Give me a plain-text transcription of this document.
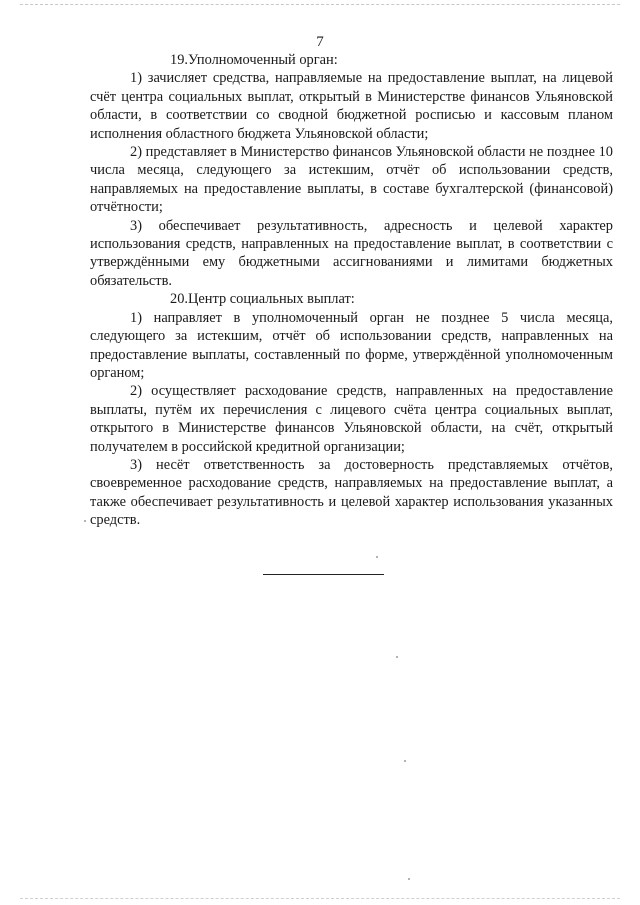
7

19.Уполномоченный орган:

1) зачисляет средства, направляемые на предоставление выплат, на лицевой счёт центра социальных выплат, открытый в Министерстве финансов Ульяновской области, в соответствии со сводной бюджетной росписью и кассовым планом исполнения областного бюджета Ульяновской области;

2) представляет в Министерство финансов Ульяновской области не позднее 10 числа месяца, следующего за истекшим, отчёт об использовании средств, направляемых на предоставление выплаты, в составе бухгалтерской (финансовой) отчётности;

3) обеспечивает результативность, адресность и целевой характер использования средств, направленных на предоставление выплат, в соответствии с утверждёнными ему бюджетными ассигнованиями и лимитами бюджетных обязательств.

20.Центр социальных выплат:

1) направляет в уполномоченный орган не позднее 5 числа месяца, следующего за истекшим, отчёт об использовании средств, направленных на предоставление выплаты, составленный по форме, утверждённой уполномоченным органом;

2) осуществляет расходование средств, направленных на предоставление выплаты, путём их перечисления с лицевого счёта центра социальных выплат, открытого в Министерстве финансов Ульяновской области, на счёт, открытый получателем в российской кредитной организации;

3) несёт ответственность за достоверность представляемых отчётов, своевременное расходование средств, направляемых на предоставление выплат, а также обеспечивает результативность и целевой характер использования указанных средств.
